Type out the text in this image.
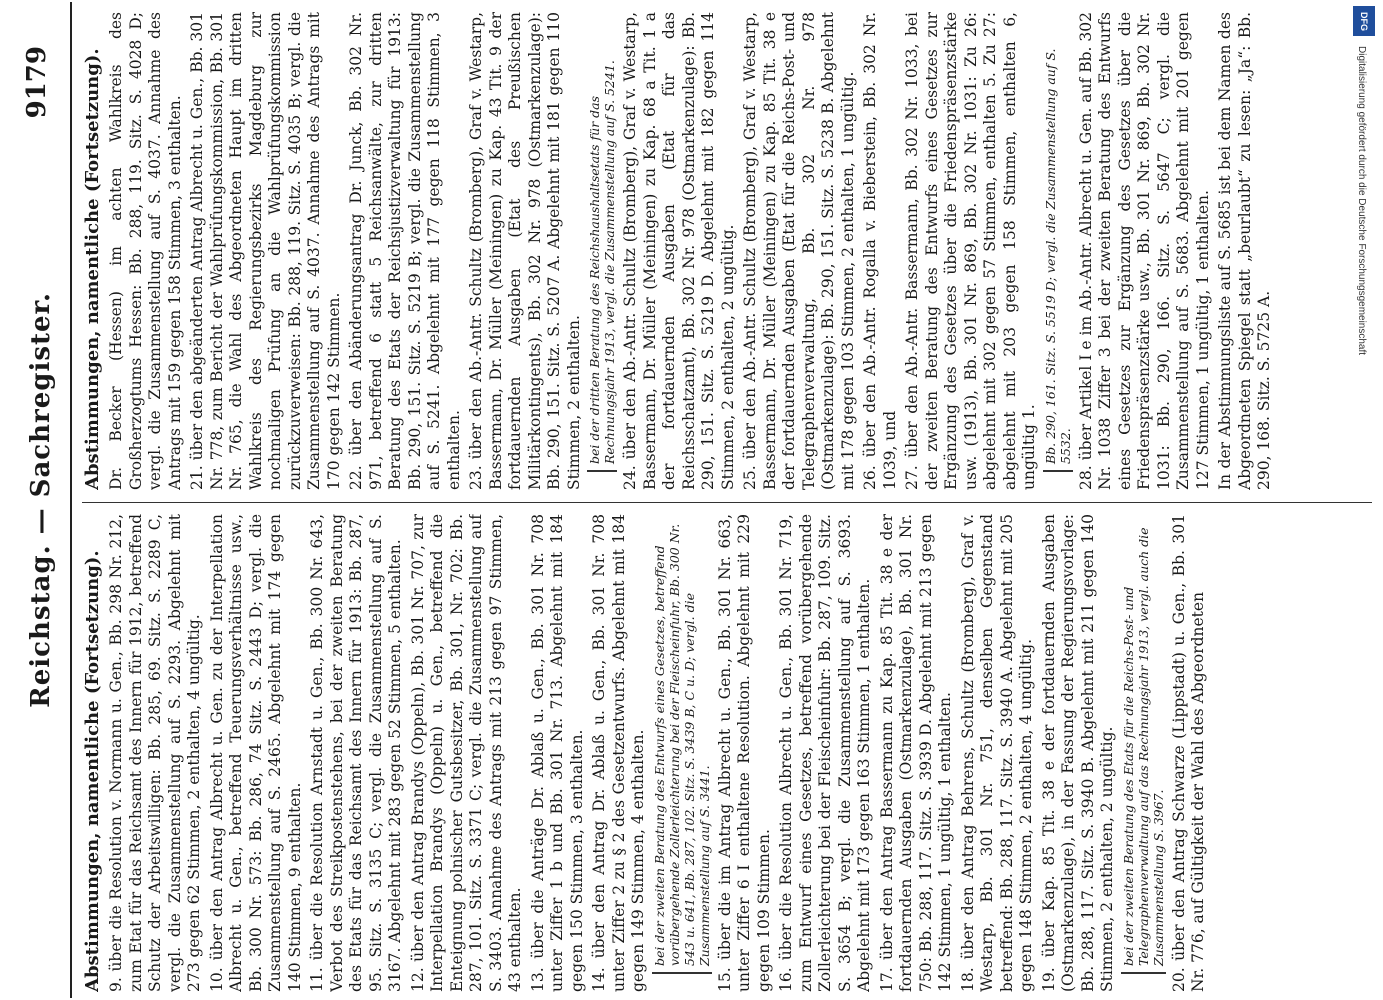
Reichstag. — Sachregister.
9179
Abstimmungen, namentliche (Fortsetzung). 9. über die Resolution v. Normann u. Gen., Bb. 298 Nr. 212, zum Etat für das Reichsamt des Innern für 1912, betreffend Schutz der Arbeitswilligen: Bb. 285, 69. Sitz. S. 2289 C, vergl. die Zusammenstellung auf S. 2293. Abgelehnt mit 273 gegen 62 Stimmen, 2 enthalten, 4 ungültig. 10. über den Antrag Albrecht u. Gen. zu der Interpellation Albrecht u. Gen., betreffend Teuerungsverhältnisse usw., Bb. 300 Nr. 573: Bb. 286, 74 Sitz. S. 2443 D; vergl. die Zusammenstellung auf S. 2465. Abgelehnt mit 174 gegen 140 Stimmen, 9 enthalten. 11. über die Resolution Arnstadt u. Gen., Bb. 300 Nr. 643, Verbot des Streikpostenstehens, bei der zweiten Beratung des Etats für das Reichsamt des Innern für 1913: Bb. 287, 95. Sitz. S. 3135 C; vergl. die Zusammenstellung auf S. 3167. Abgelehnt mit 283 gegen 52 Stimmen, 5 enthalten. 12. über den Antrag Brandys (Oppeln), Bb. 301 Nr. 707, zur Interpellation Brandys (Oppeln) u. Gen., betreffend die Enteignung polnischer Gutsbesitzer, Bb. 301, Nr. 702: Bb. 287, 101. Sitz. S. 3371 C; vergl. die Zusammenstellung auf S. 3403. Annahme des Antrags mit 213 gegen 97 Stimmen, 43 enthalten. 13. über die Anträge Dr. Ablaß u. Gen., Bb. 301 Nr. 708 unter Ziffer 1 b und Bb. 301 Nr. 713. Abgelehnt mit 184 gegen 150 Stimmen, 3 enthalten. 14. über den Antrag Dr. Ablaß u. Gen., Bb. 301 Nr. 708 unter Ziffer 2 zu § 2 des Gesetzentwurfs. Abgelehnt mit 184 gegen 149 Stimmen, 4 enthalten. bei der zweiten Beratung des Entwurfs eines Gesetzes, betreffend vorübergehende Zollerleichterung bei der Fleischeinfuhr, Bb. 300 Nr. 543 u. 641, Bb. 287, 102. Sitz. S. 3439 B, C u. D; vergl. die Zusammenstellung auf S. 3441. 15. über die im Antrag Albrecht u. Gen., Bb. 301 Nr. 663, unter Ziffer 6 I enthaltene Resolution. Abgelehnt mit 229 gegen 109 Stimmen. 16. über die Resolution Albrecht u. Gen., Bb. 301 Nr. 719, zum Entwurf eines Gesetzes, betreffend vorübergehende Zollerleichterung bei der Fleischeinfuhr: Bb. 287, 109. Sitz. S. 3654 B; vergl. die Zusammenstellung auf S. 3693. Abgelehnt mit 173 gegen 163 Stimmen, 1 enthalten. 17. über den Antrag Bassermann zu Kap. 85 Tit. 38 e der fortdauernden Ausgaben (Ostmarkenzulage), Bb. 301 Nr. 750: Bb. 288, 117. Sitz. S. 3939 D. Abgelehnt mit 213 gegen 142 Stimmen, 1 ungültig, 1 enthalten. 18. über den Antrag Behrens, Schultz (Bromberg), Graf v. Westarp, Bb. 301 Nr. 751, denselben Gegenstand betreffend: Bb. 288, 117. Sitz. S. 3940 A. Abgelehnt mit 205 gegen 148 Stimmen, 2 enthalten, 4 ungültig. 19. über Kap. 85 Tit. 38 e der fortdauernden Ausgaben (Ostmarkenzulage), in der Fassung der Regierungsvorlage: Bb. 288, 117. Sitz. S. 3940 B. Abgelehnt mit 211 gegen 140 Stimmen, 2 enthalten, 2 ungültig. bei der zweiten Beratung des Etats für die Reichs-Post- und Telegraphenverwaltung auf das Rechnungsjahr 1913, vergl. auch die Zusammenstellung S. 3967. 20. über den Antrag Schwarze (Lippstadt) u. Gen., Bb. 301 Nr. 776, auf Gültigkeit der Wahl des Abgeordneten

Abstimmungen, namentliche (Fortsetzung). Dr. Becker (Hessen) im achten Wahlkreis des Großherzogtums Hessen: Bb. 288, 119. Sitz. S. 4028 D; vergl. die Zusammenstellung auf S. 4037. Annahme des Antrags mit 159 gegen 158 Stimmen, 3 enthalten. 21. über den abgeänderten Antrag Albrecht u. Gen., Bb. 301 Nr. 778, zum Bericht der Wahlprüfungskommission, Bb. 301 Nr. 765, die Wahl des Abgeordneten Haupt im dritten Wahlkreis des Regierungsbezirks Magdeburg zur nochmaligen Prüfung an die Wahlprüfungskommission zurückzuverweisen: Bb. 288, 119. Sitz. S. 4035 B; vergl. die Zusammenstellung auf S. 4037. Annahme des Antrags mit 170 gegen 142 Stimmen. 22. über den Abänderungsantrag Dr. Junck, Bb. 302 Nr. 971, betreffend 6 statt 5 Reichsanwälte, zur dritten Beratung des Etats der Reichsjustizverwaltung für 1913: Bb. 290, 151. Sitz. S. 5219 B; vergl. die Zusammenstellung auf S. 5241. Abgelehnt mit 177 gegen 118 Stimmen, 3 enthalten. 23. über den Ab.-Antr. Schultz (Bromberg), Graf v. Westarp, Bassermann, Dr. Müller (Meiningen) zu Kap. 43 Tit. 9 der fortdauernden Ausgaben (Etat des Preußischen Militärkontingents), Bb. 302 Nr. 978 (Ostmarkenzulage): Bb. 290, 151. Sitz. S. 5207 A. Abgelehnt mit 181 gegen 110 Stimmen, 2 enthalten. bei der dritten Beratung des Reichshaushaltsetats für das Rechnungsjahr 1913, vergl. die Zusammenstellung auf S. 5241. 24. über den Ab.-Antr. Schultz (Bromberg), Graf v. Westarp, Bassermann, Dr. Müller (Meiningen) zu Kap. 68 a Tit. 1 a der fortdauernden Ausgaben (Etat für das Reichsschatzamt), Bb. 302 Nr. 978 (Ostmarkenzulage): Bb. 290, 151. Sitz. S. 5219 D. Abgelehnt mit 182 gegen 114 Stimmen, 2 enthalten, 2 ungültig. 25. über den Ab.-Antr. Schultz (Bromberg), Graf v. Westarp, Bassermann, Dr. Müller (Meiningen) zu Kap. 85 Tit. 38 e der fortdauernden Ausgaben (Etat für die Reichs-Post- und Telegraphenverwaltung, Bb. 302 Nr. 978 (Ostmarkenzulage): Bb. 290, 151. Sitz. S. 5238 B. Abgelehnt mit 178 gegen 103 Stimmen, 2 enthalten, 1 ungültig. 26. über den Ab.-Antr. Rogalla v. Bieberstein, Bb. 302 Nr. 1039, und 27. über den Ab.-Antr. Bassermann, Bb. 302 Nr. 1033, bei der zweiten Beratung des Entwurfs eines Gesetzes zur Ergänzung des Gesetzes über die Friedenspräsenzstärke usw. (1913), Bb. 301 Nr. 869, Bb. 302 Nr. 1031: Zu 26: abgelehnt mit 302 gegen 57 Stimmen, enthalten 5. Zu 27: abgelehnt mit 203 gegen 158 Stimmen, enthalten 6, ungültig 1. Bb. 290, 161. Sitz. S. 5519 D; vergl. die Zusammenstellung auf S. 5532. 28. über Artikel I e im Ab.-Antr. Albrecht u. Gen. auf Bb. 302 Nr. 1038 Ziffer 3 bei der zweiten Beratung des Entwurfs eines Gesetzes zur Ergänzung des Gesetzes über die Friedenspräsenzstärke usw., Bb. 301 Nr. 869, Bb. 302 Nr. 1031: Bb. 290, 166. Sitz. S. 5647 C; vergl. die Zusammenstellung auf S. 5683. Abgelehnt mit 201 gegen 127 Stimmen, 1 ungültig, 1 enthalten. In der Abstimmungsliste auf S. 5685 ist bei dem Namen des Abgeordneten Spiegel statt „beurlaubt“ zu lesen: „Ja“: Bb. 290, 168. Sitz. S. 5725 A.

DFG
Digitalisierung gefördert durch die Deutsche Forschungsgemeinschaft
